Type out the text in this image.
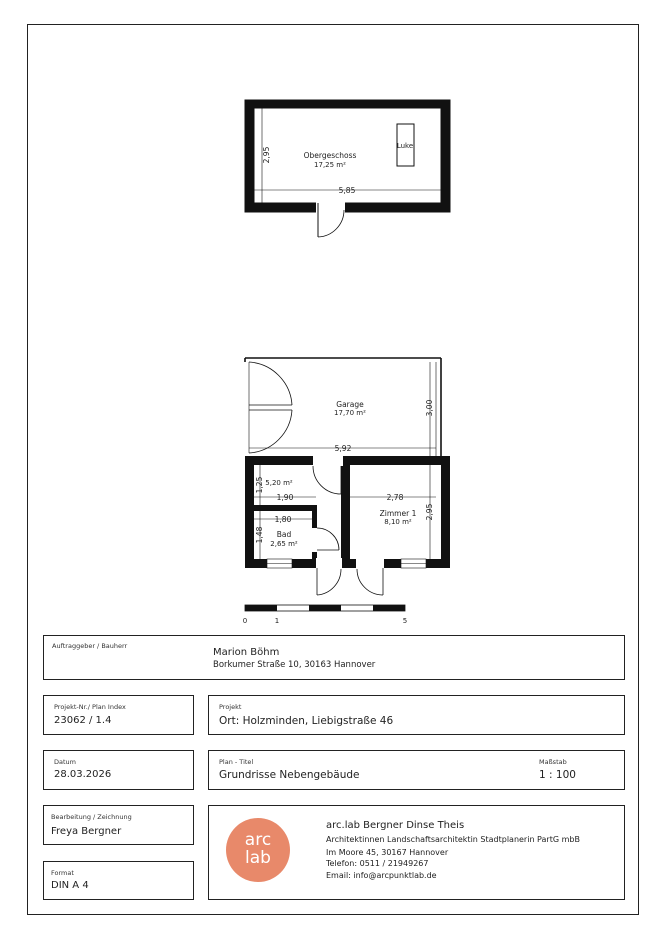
Luke
Obergeschoss
17,25 m²
5,85
2,95
Garage
17,70 m²
5,92
3,00
5,20 m²
1,25
1,90
1,80
Bad
2,65 m²
1,48
2,78
Zimmer 1
8,10 m²
2,95
0	1	5
Auftraggeber / Bauherr
Marion Böhm
Borkumer Straße 10, 30163 Hannover
Projekt-Nr./ Plan Index
23062 / 1.4
Projekt
Ort: Holzminden, Liebigstraße 46
Datum
28.03.2026
Plan - Titel
Grundrisse Nebengebäude
Maßstab
1 : 100
Bearbeitung / Zeichnung
Freya Bergner
Format
DIN A 4
arc
lab
arc.lab Bergner Dinse Theis
Architektinnen Landschaftsarchitektin Stadtplanerin PartG mbB
Im Moore 45, 30167 Hannover
Telefon: 0511 / 21949267
Email: info@arcpunktlab.de
